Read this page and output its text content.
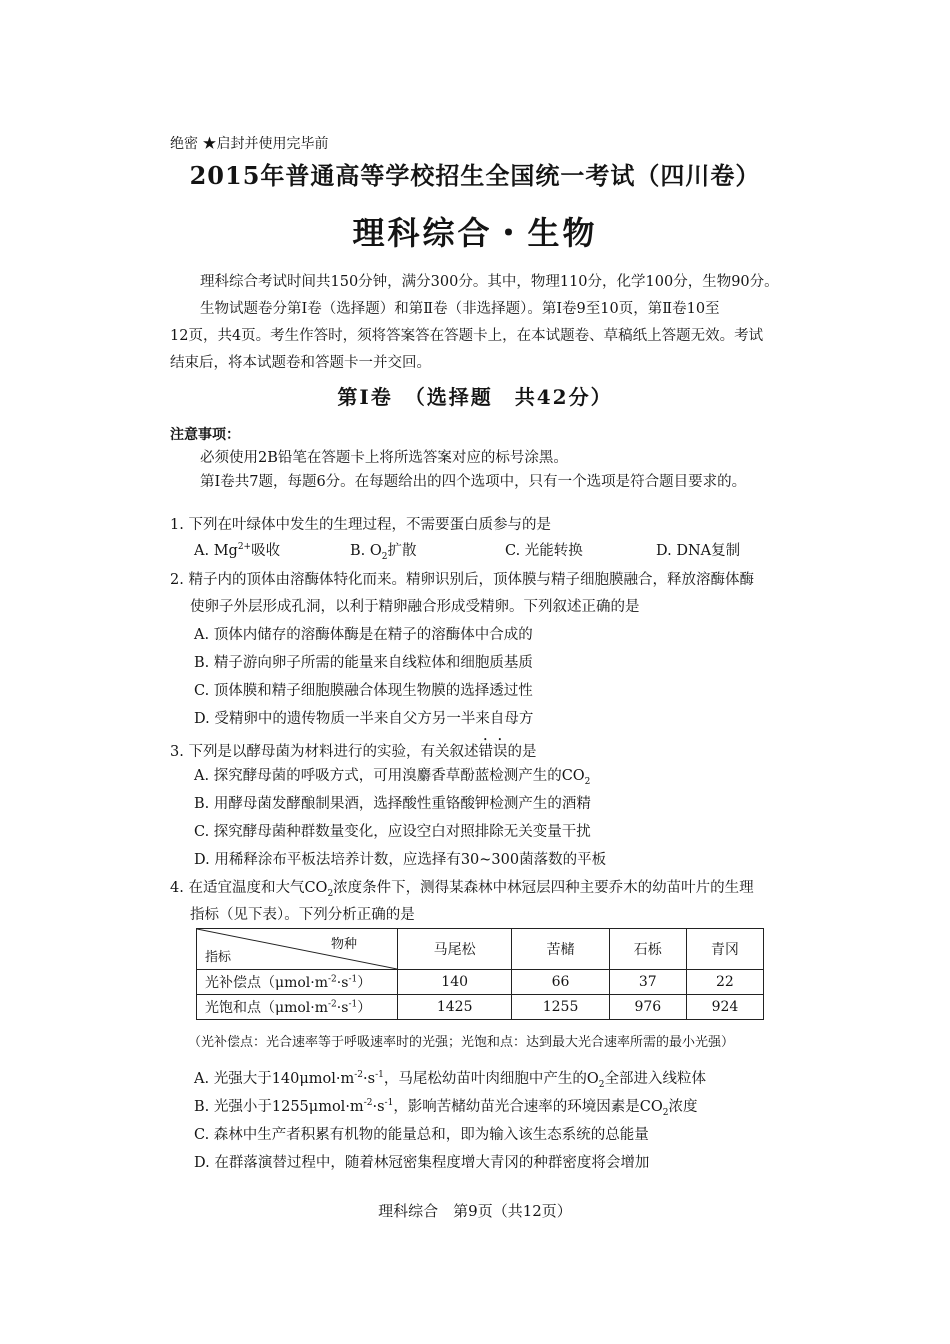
绝密 ★启封并使用完毕前
2015年普通高等学校招生全国统一考试（四川卷）
理科综合・生物
理科综合考试时间共150分钟，满分300分。其中，物理110分，化学100分，生物90分。
生物试题卷分第Ⅰ卷（选择题）和第Ⅱ卷（非选择题）。第Ⅰ卷9至10页，第Ⅱ卷10至
12页，共4页。考生作答时，须将答案答在答题卡上，在本试题卷、草稿纸上答题无效。考试
结束后，将本试题卷和答题卡一并交回。
第Ⅰ卷　（选择题　共42分）
注意事项：
必须使用2B铅笔在答题卡上将所选答案对应的标号涂黑。
第Ⅰ卷共7题，每题6分。在每题给出的四个选项中，只有一个选项是符合题目要求的。
1. 下列在叶绿体中发生的生理过程，不需要蛋白质参与的是
A. $Mg^{2+}$吸收	B. $O_2$扩散	C. 光能转换	D. DNA复制
2. 精子内的顶体由溶酶体特化而来。精卵识别后，顶体膜与精子细胞膜融合，释放溶酶体酶
使卵子外层形成孔洞，以利于精卵融合形成受精卵。下列叙述正确的是
A. 顶体内储存的溶酶体酶是在精子的溶酶体中合成的
B. 精子游向卵子所需的能量来自线粒体和细胞质基质
C. 顶体膜和精子细胞膜融合体现生物膜的选择透过性
D. 受精卵中的遗传物质一半来自父方另一半来自母方
3. 下列是以酵母菌为材料进行的实验，有关叙述错误的是
A. 探究酵母菌的呼吸方式，可用溴麝香草酚蓝检测产生的$CO_2$
B. 用酵母菌发酵酿制果酒，选择酸性重铬酸钾检测产生的酒精
C. 探究酵母菌种群数量变化，应设空白对照排除无关变量干扰
D. 用稀释涂布平板法培养计数，应选择有30~300菌落数的平板
4. 在适宜温度和大气$CO_2$浓度条件下，测得某森林中林冠层四种主要乔木的幼苗叶片的生理
指标（见下表）。下列分析正确的是
物种
指标	马尾松	苦槠	石栎	青冈
光补偿点$(\mu mol\cdot m^{-2}\cdot s^{-1})$	140	66	37	22
光饱和点$(\mu mol\cdot m^{-2}\cdot s^{-1})$	1425	1255	976	924
（光补偿点：光合速率等于呼吸速率时的光强；光饱和点：达到最大光合速率所需的最小光强）
A. 光强大于$140\mu mol\cdot m^{-2}\cdot s^{-1}$，马尾松幼苗叶肉细胞中产生的$O_2$全部进入线粒体
B. 光强小于$1255\mu mol\cdot m^{-2}\cdot s^{-1}$，影响苦槠幼苗光合速率的环境因素是$CO_2$浓度
C. 森林中生产者积累有机物的能量总和，即为输入该生态系统的总能量
D. 在群落演替过程中，随着林冠密集程度增大青冈的种群密度将会增加
理科综合　第9页（共12页）
